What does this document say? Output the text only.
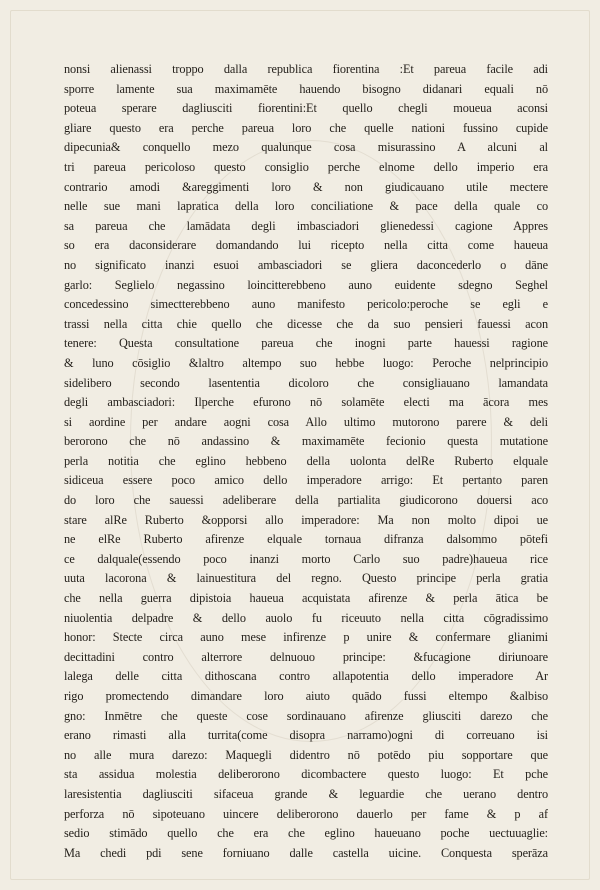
nonsi alienassi troppo dalla republica fiorentina :Et pareua facile adi
sporre lamente sua maximamēte hauendo bisogno didanari equali nō
poteua sperare dagliusciti fiorentini:Et quello chegli moueua aconsi
gliare questo era perche pareua loro che quelle nationi fussino cupide
dipecunia& conquello mezo qualunque cosa misurassino A alcuni al
tri pareua pericoloso questo consiglio perche elnome dello imperio era
contrario amodi &areggimenti loro & non giudicauano utile mectere
nelle sue mani lapratica della loro conciliatione & pace della quale co
sa pareua che lamādata degli imbasciadori glienedessi cagione Appres
so era daconsiderare domandando lui ricepto nella citta come haueua
no significato inanzi esuoi ambasciadori se gliera daconcederlo o dāne
garlo: Seglielo negassino loincitterebbeno auno euidente sdegno Seghel
concedessino simectterebbeno auno manifesto pericolo:peroche se egli e
trassi nella citta chie quello che dicesse che da suo pensieri fauessi acon
tenere: Questa consultatione pareua che inogni parte hauessi ragione
& luno cōsiglio &laltro altempo suo hebbe luogo: Peroche nelprincipio
sidelibero secondo lasententia dicoloro che consigliauano lamandata
degli ambasciadori: Ilperche efurono nō solamēte electi ma ācora mes
si aordine per andare aogni cosa Allo ultimo mutorono parere & deli
berorono che nō andassino & maximamēte fecionio questa mutatione
perla notitia che eglino hebbeno della uolonta delRe Ruberto elquale
sidiceua essere poco amico dello imperadore arrigo: Et pertanto paren
do loro che sauessi adeliberare della partialita giudicorono douersi aco
stare alRe Ruberto &opporsi allo imperadore: Ma non molto dipoi ue
ne elRe Ruberto afirenze elquale tornaua difranza dalsommo pōtefi
ce dalquale(essendo poco inanzi morto Carlo suo padre)haueua rice
uuta lacorona & lainuestitura del regno. Questo principe perla gratia
che nella guerra dipistoia haueua acquistata afirenze & perla ātica be
niuolentia delpadre & dello auolo fu riceuuto nella citta cōgradissimo
honor: Stecte circa auno mese infirenze p unire & confermare glianimi
decittadini contro alterrore delnuouo principe: &fucagione diriunoare
lalega delle citta dithoscana contro allapotentia dello imperadore Ar
rigo promectendo dimandare loro aiuto quādo fussi eltempo &albiso
gno: Inmētre che queste cose sordinauano afirenze gliusciti darezo che
erano rimasti alla turrita(come disopra narramo)ogni di correuano isi
no alle mura darezo: Maquegli didentro nō potēdo piu sopportare que
sta assidua molestia deliberorono dicombactere questo luogo: Et pche
laresistentia dagliusciti sifaceua grande & leguardie che uerano dentro
perforza nō sipoteuano uincere deliberorono dauerlo per fame & p af
sedio stimādo quello che era che eglino haueuano poche uectuuaglie:
Ma chedi pdi sene forniuano dalle castella uicine. Conquesta sperāza
